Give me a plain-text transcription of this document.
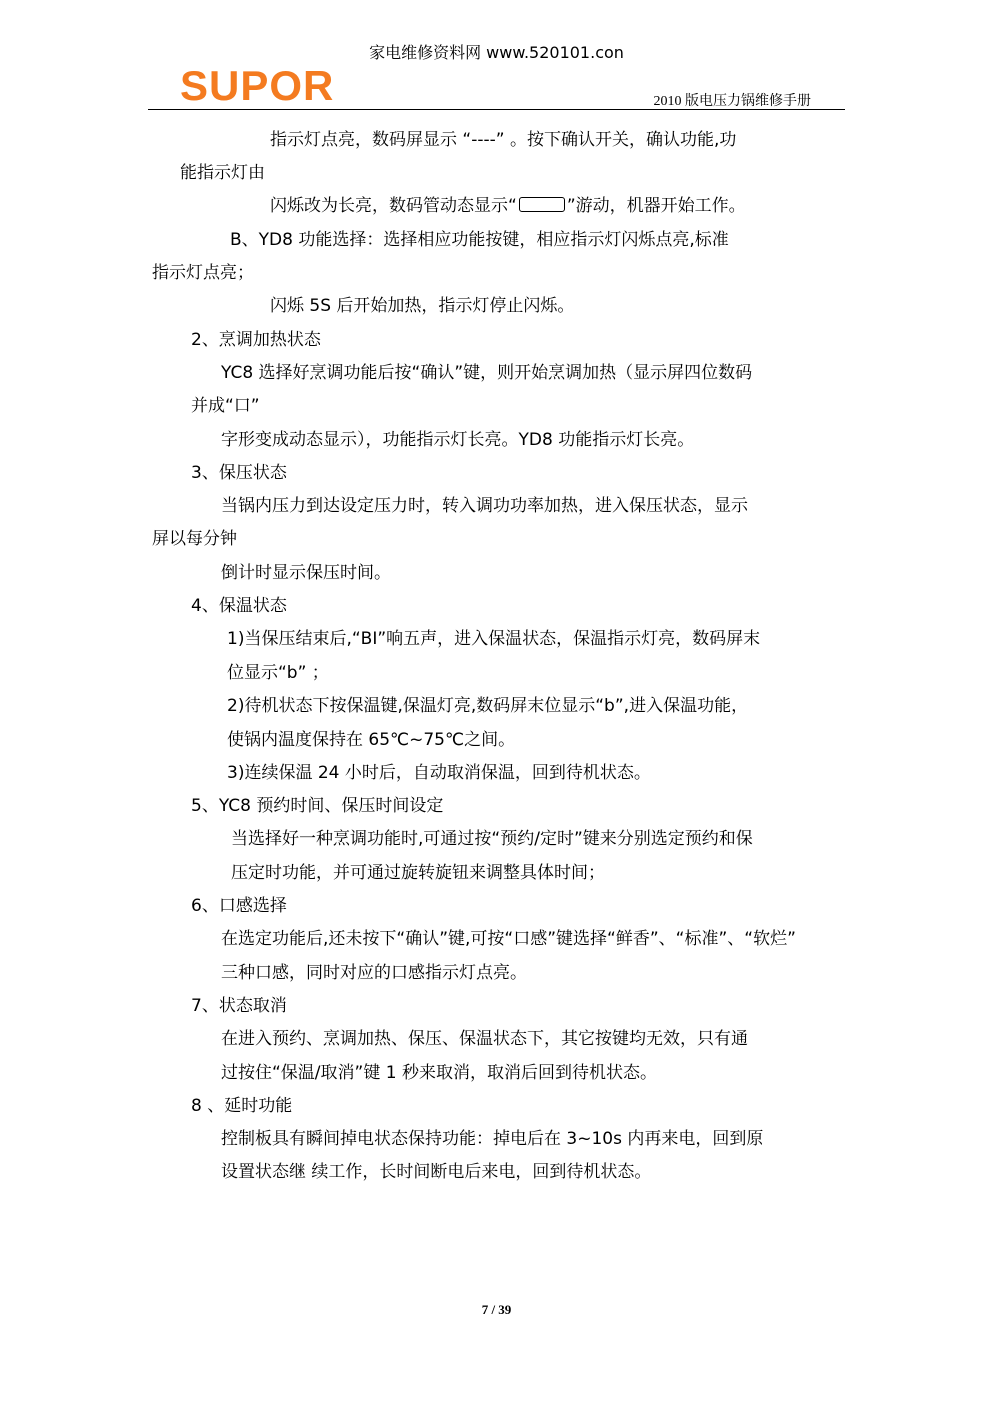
家电维修资料网 www.520101.con
SUPOR	2010 版电压力锅维修手册
指示灯点亮，数码屏显示 “----” 。按下确认开关，确认功能,功
能指示灯由
闪烁改为长亮，数码管动态显示“	”游动，机器开始工作。
B、YD8 功能选择：选择相应功能按键，相应指示灯闪烁点亮,标准
指示灯点亮；
闪烁 5S 后开始加热，指示灯停止闪烁。
2、烹调加热状态
YC8 选择好烹调功能后按“确认”键，则开始烹调加热（显示屏四位数码
并成“口”
字形变成动态显示），功能指示灯长亮。YD8 功能指示灯长亮。
3、保压状态
当锅内压力到达设定压力时，转入调功功率加热，进入保压状态，显示
屏以每分钟
倒计时显示保压时间。
4、保温状态
1)当保压结束后,“BI”响五声，进入保温状态，保温指示灯亮，数码屏末
位显示“b” ；
2)待机状态下按保温键,保温灯亮,数码屏末位显示“b”,进入保温功能，
使锅内温度保持在 65℃~75℃之间。
3)连续保温 24 小时后，自动取消保温，回到待机状态。
5、YC8 预约时间、保压时间设定
当选择好一种烹调功能时,可通过按“预约/定时”键来分别选定预约和保
压定时功能，并可通过旋转旋钮来调整具体时间；
6、口感选择
在选定功能后,还未按下“确认”键,可按“口感”键选择“鲜香”、“标准”、“软烂”
三种口感，同时对应的口感指示灯点亮。
7、状态取消
在进入预约、烹调加热、保压、保温状态下，其它按键均无效，只有通
过按住“保温/取消”键 1 秒来取消，取消后回到待机状态。
8 、延时功能
控制板具有瞬间掉电状态保持功能：掉电后在 3~10s 内再来电，回到原
设置状态继 续工作，长时间断电后来电，回到待机状态。
7 / 39
